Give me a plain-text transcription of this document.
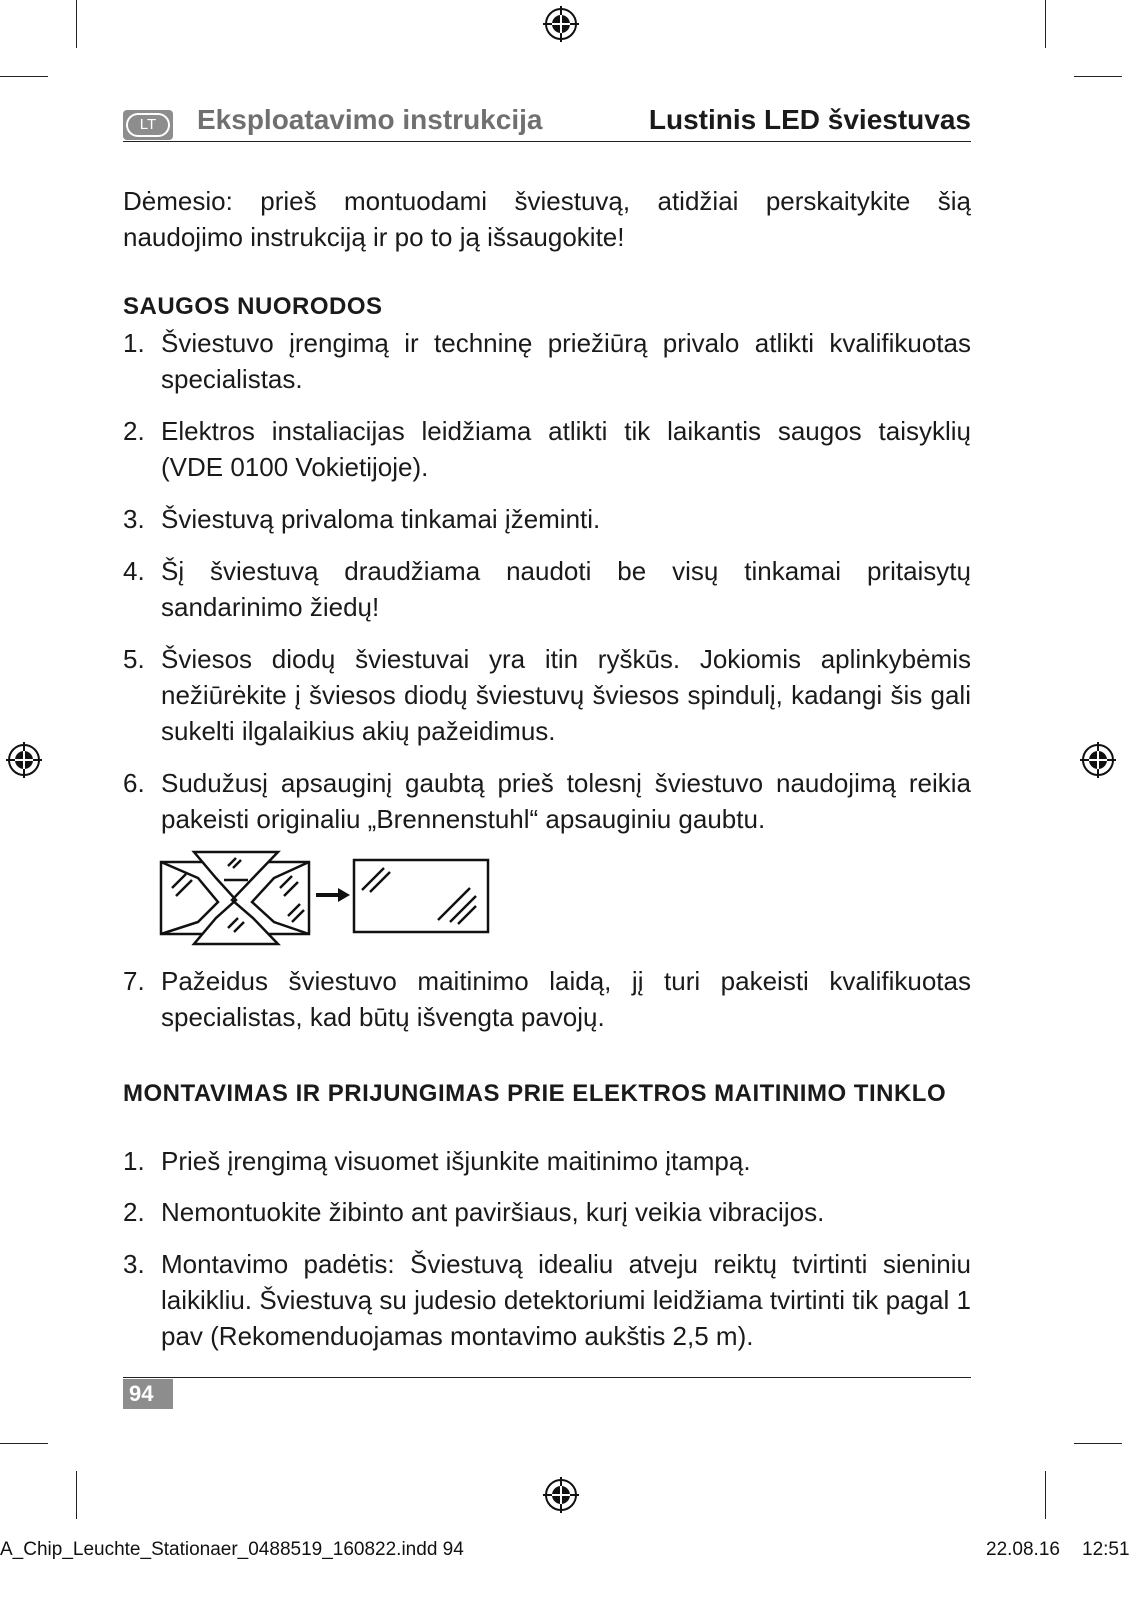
LT	Eksploatavimo instrukcija	Lustinis LED šviestuvas
Dėmesio: prieš montuodami šviestuvą, atidžiai perskaitykite šią naudojimo instrukciją ir po to ją išsaugokite!
SAUGOS NUORODOS
1. Šviestuvo įrengimą ir techninę priežiūrą privalo atlikti kvalifikuotas specialistas.
2. Elektros instaliacijas leidžiama atlikti tik laikantis saugos taisyklių (VDE 0100 Vokietijoje).
3. Šviestuvą privaloma tinkamai įžeminti.
4. Šį šviestuvą draudžiama naudoti be visų tinkamai pritaisytų sandarinimo žiedų!
5. Šviesos diodų šviestuvai yra itin ryškūs. Jokiomis aplinkybėmis nežiūrėkite į šviesos diodų šviestuvų šviesos spindulį, kadangi šis gali sukelti ilgalaikius akių pažeidimus.
6. Sudužusį apsauginį gaubtą prieš tolesnį šviestuvo naudojimą reikia pakeisti originaliu „Brennenstuhl“ apsauginiu gaubtu.
7. Pažeidus šviestuvo maitinimo laidą, jį turi pakeisti kvalifikuotas specialistas, kad būtų išvengta pavojų.
MONTAVIMAS IR PRIJUNGIMAS PRIE ELEKTROS MAITINIMO TINKLO
1. Prieš įrengimą visuomet išjunkite maitinimo įtampą.
2. Nemontuokite žibinto ant paviršiaus, kurį veikia vibracijos.
3. Montavimo padėtis: Šviestuvą idealiu atveju reiktų tvirtinti sieniniu laikikliu. Šviestuvą su judesio detektoriumi leidžiama tvirtinti tik pagal 1 pav (Rekomenduojamas montavimo aukštis 2,5 m).
94
A_Chip_Leuchte_Stationaer_0488519_160822.indd 94	22.08.16 12:51
